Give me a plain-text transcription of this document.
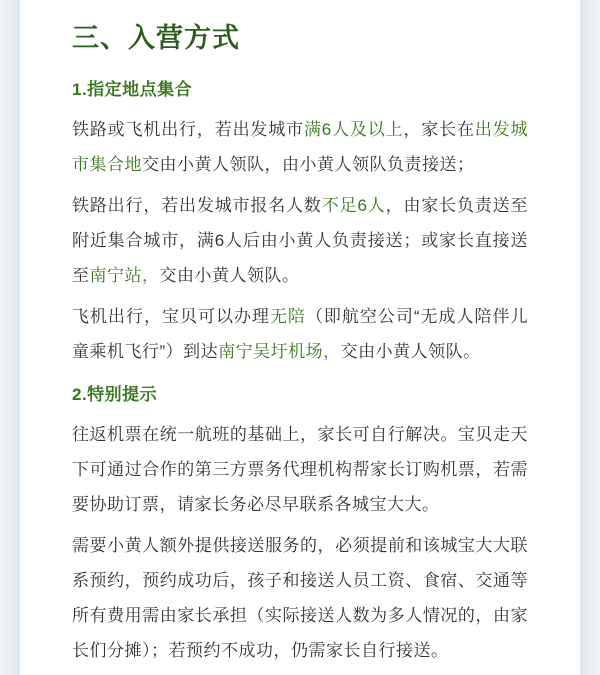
三、入营方式
1.指定地点集合

铁路或飞机出行，若出发城市满6人及以上，家长在出发城市集合地交由小黄人领队，由小黄人领队负责接送；

铁路出行，若出发城市报名人数不足6人，由家长负责送至附近集合城市，满6人后由小黄人负责接送；或家长直接送至南宁站，交由小黄人领队。

飞机出行，宝贝可以办理无陪（即航空公司“无成人陪伴儿童乘机飞行”）到达南宁吴圩机场，交由小黄人领队。

2.特别提示

往返机票在统一航班的基础上，家长可自行解决。宝贝走天下可通过合作的第三方票务代理机构帮家长订购机票，若需要协助订票，请家长务必尽早联系各城宝大大。

需要小黄人额外提供接送服务的，必须提前和该城宝大大联系预约，预约成功后，孩子和接送人员工资、食宿、交通等所有费用需由家长承担（实际接送人数为多人情况的，由家长们分摊）；若预约不成功，仍需家长自行接送。
